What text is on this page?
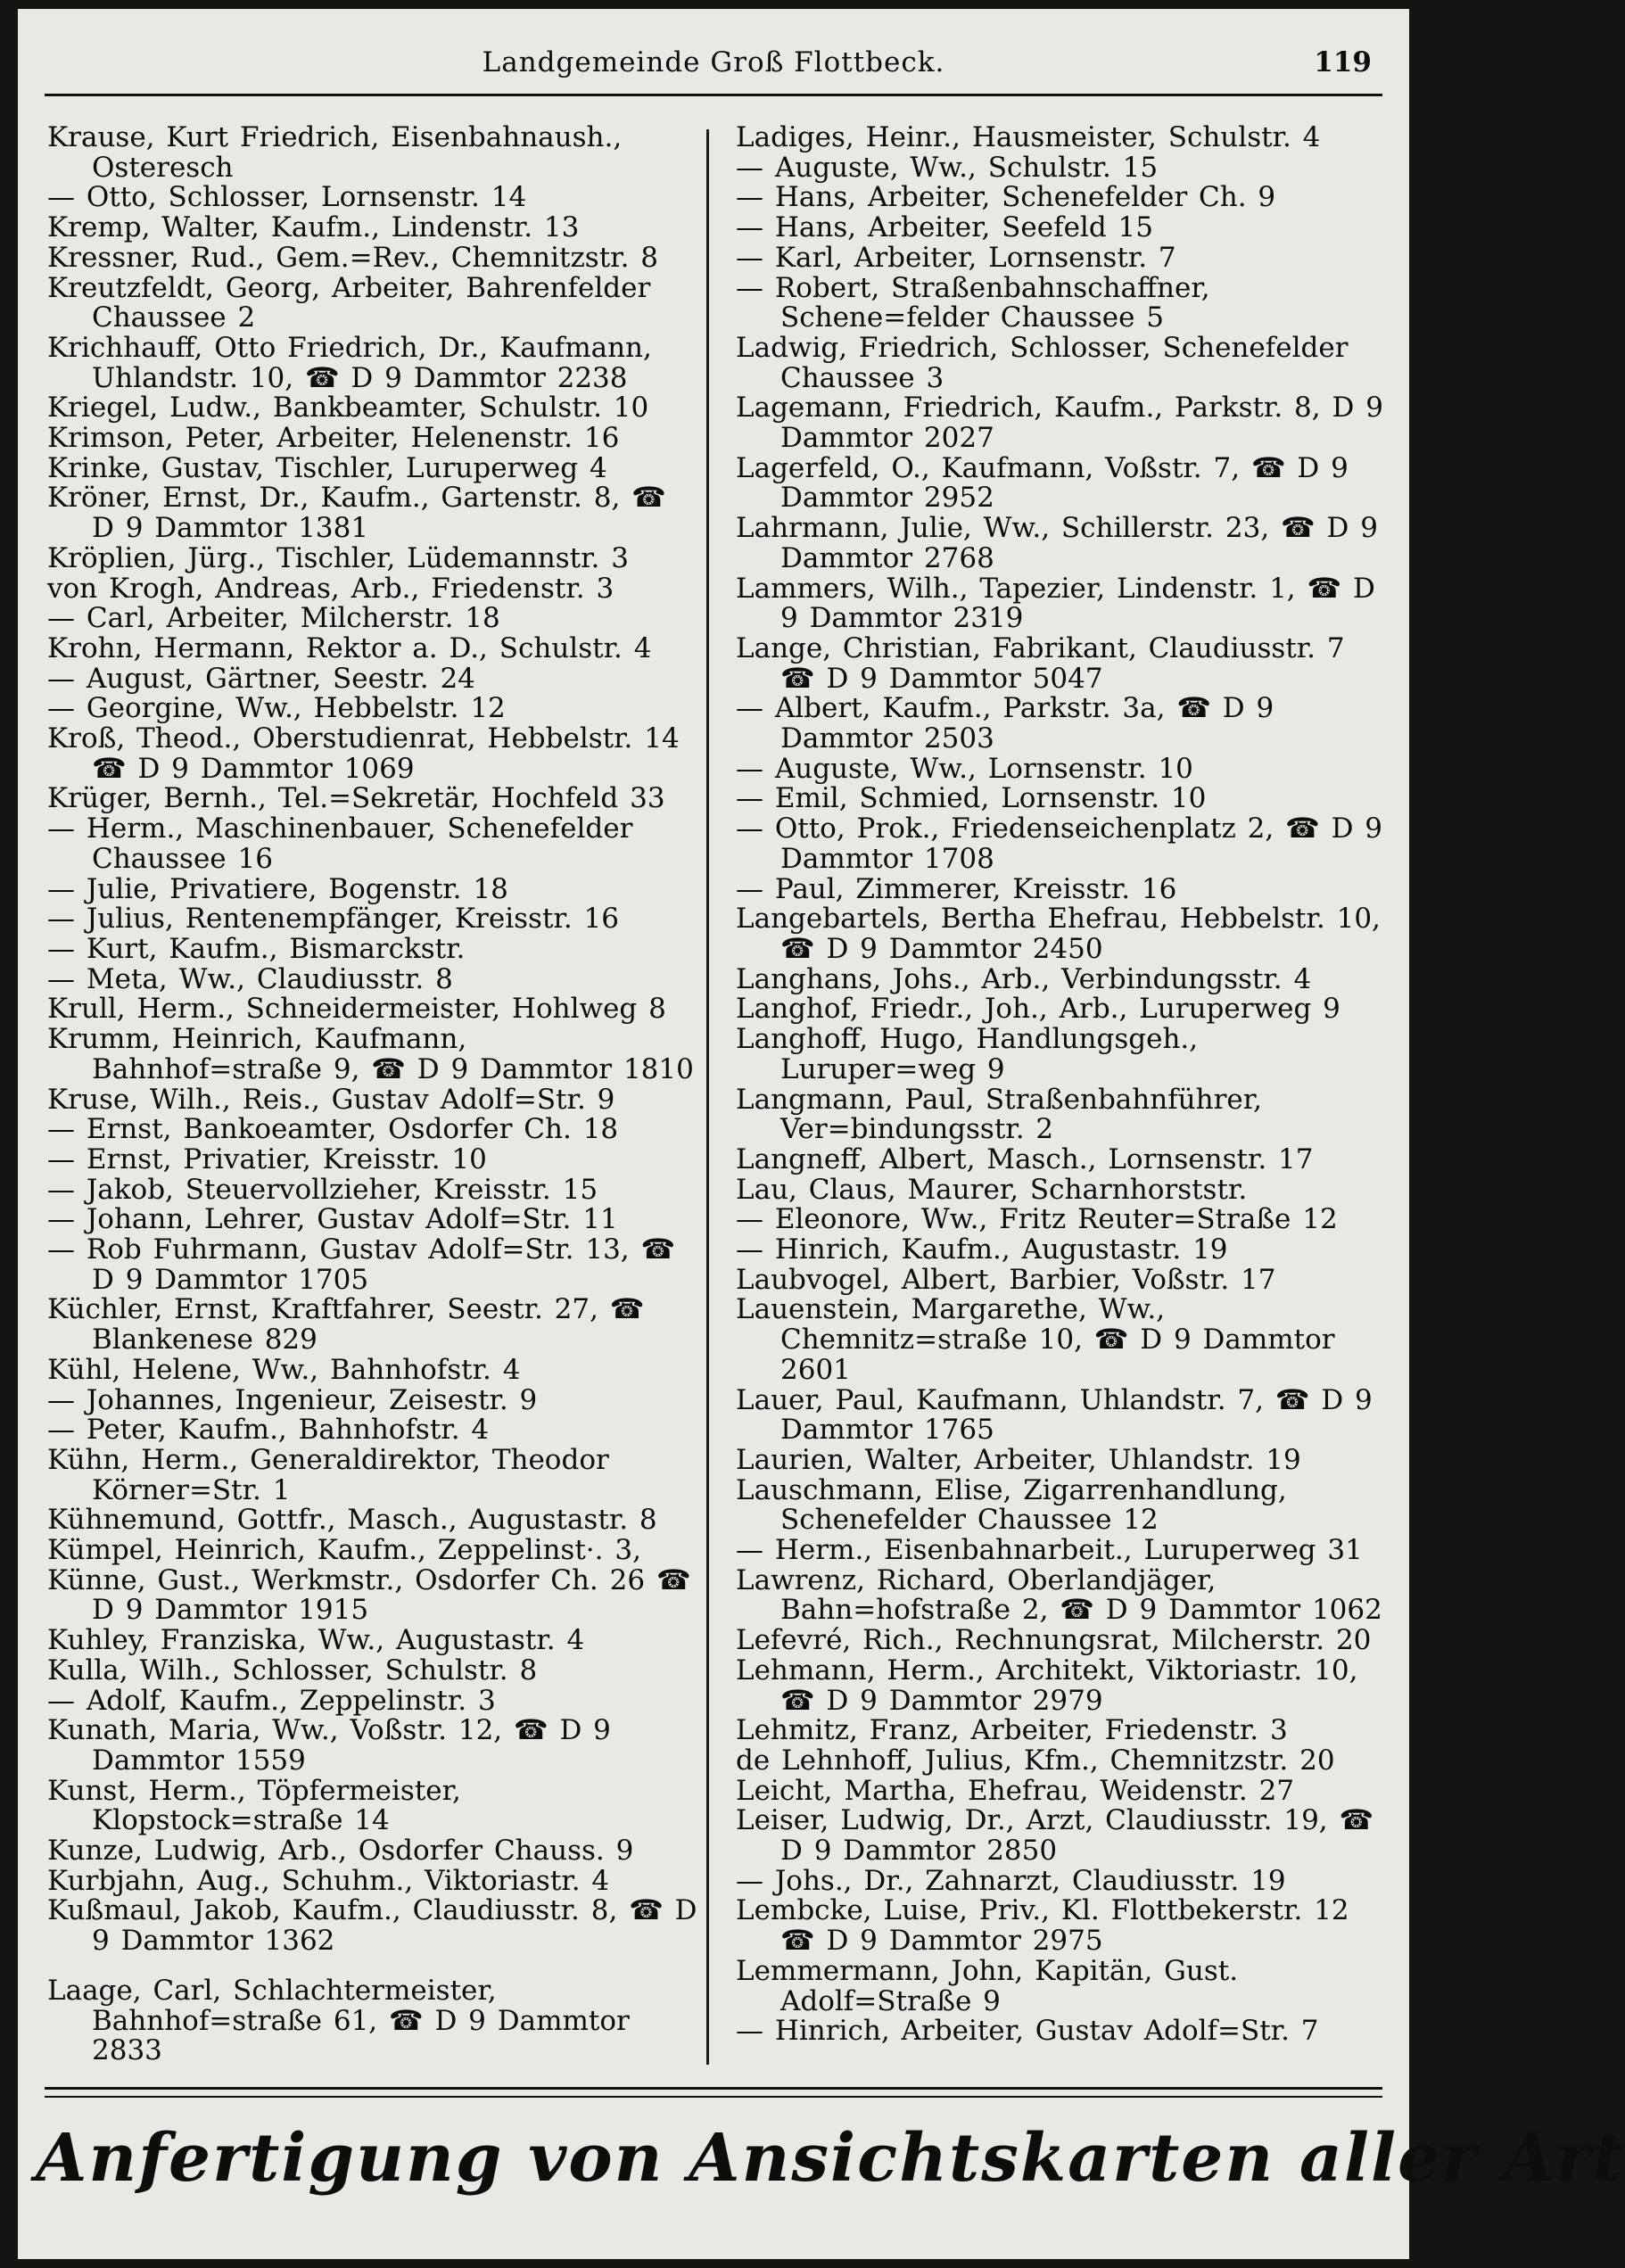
Landgemeinde Groß Flottbeck.	119

Krause, Kurt Friedrich, Eisenbahnaush., Osteresch

— Otto, Schlosser, Lornsenstr. 14

Kremp, Walter, Kaufm., Lindenstr. 13

Kressner, Rud., Gem.=Rev., Chemnitzstr. 8

Kreutzfeldt, Georg, Arbeiter, Bahrenfelder Chaussee 2

Krichhauff, Otto Friedrich, Dr., Kaufmann, Uhlandstr. 10, ☎ D 9 Dammtor 2238

Kriegel, Ludw., Bankbeamter, Schulstr. 10

Krimson, Peter, Arbeiter, Helenenstr. 16

Krinke, Gustav, Tischler, Luruperweg 4

Kröner, Ernst, Dr., Kaufm., Gartenstr. 8, ☎ D 9 Dammtor 1381

Kröplien, Jürg., Tischler, Lüdemannstr. 3

von Krogh, Andreas, Arb., Friedenstr. 3

— Carl, Arbeiter, Milcherstr. 18

Krohn, Hermann, Rektor a. D., Schulstr. 4

— August, Gärtner, Seestr. 24

— Georgine, Ww., Hebbelstr. 12

Kroß, Theod., Oberstudienrat, Hebbelstr. 14 ☎ D 9 Dammtor 1069

Krüger, Bernh., Tel.=Sekretär, Hochfeld 33

— Herm., Maschinenbauer, Schenefelder Chaussee 16

— Julie, Privatiere, Bogenstr. 18

— Julius, Rentenempfänger, Kreisstr. 16

— Kurt, Kaufm., Bismarckstr.

— Meta, Ww., Claudiusstr. 8

Krull, Herm., Schneidermeister, Hohlweg 8

Krumm, Heinrich, Kaufmann, Bahnhof=straße 9, ☎ D 9 Dammtor 1810

Kruse, Wilh., Reis., Gustav Adolf=Str. 9

— Ernst, Bankoeamter, Osdorfer Ch. 18

— Ernst, Privatier, Kreisstr. 10

— Jakob, Steuervollzieher, Kreisstr. 15

— Johann, Lehrer, Gustav Adolf=Str. 11

— Rob Fuhrmann, Gustav Adolf=Str. 13, ☎ D 9 Dammtor 1705

Küchler, Ernst, Kraftfahrer, Seestr. 27, ☎ Blankenese 829

Kühl, Helene, Ww., Bahnhofstr. 4

— Johannes, Ingenieur, Zeisestr. 9

— Peter, Kaufm., Bahnhofstr. 4

Kühn, Herm., Generaldirektor, Theodor Körner=Str. 1

Kühnemund, Gottfr., Masch., Augustastr. 8

Kümpel, Heinrich, Kaufm., Zeppelinst·. 3,

Künne, Gust., Werkmstr., Osdorfer Ch. 26 ☎ D 9 Dammtor 1915

Kuhley, Franziska, Ww., Augustastr. 4

Kulla, Wilh., Schlosser, Schulstr. 8

— Adolf, Kaufm., Zeppelinstr. 3

Kunath, Maria, Ww., Voßstr. 12, ☎ D 9 Dammtor 1559

Kunst, Herm., Töpfermeister, Klopstock=straße 14

Kunze, Ludwig, Arb., Osdorfer Chauss. 9

Kurbjahn, Aug., Schuhm., Viktoriastr. 4

Kußmaul, Jakob, Kaufm., Claudiusstr. 8, ☎ D 9 Dammtor 1362

Laage, Carl, Schlachtermeister, Bahnhof=straße 61, ☎ D 9 Dammtor 2833

Ladiges, Heinr., Hausmeister, Schulstr. 4

— Auguste, Ww., Schulstr. 15

— Hans, Arbeiter, Schenefelder Ch. 9

— Hans, Arbeiter, Seefeld 15

— Karl, Arbeiter, Lornsenstr. 7

— Robert, Straßenbahnschaffner, Schene=felder Chaussee 5

Ladwig, Friedrich, Schlosser, Schenefelder Chaussee 3

Lagemann, Friedrich, Kaufm., Parkstr. 8, D 9 Dammtor 2027

Lagerfeld, O., Kaufmann, Voßstr. 7, ☎ D 9 Dammtor 2952

Lahrmann, Julie, Ww., Schillerstr. 23, ☎ D 9 Dammtor 2768

Lammers, Wilh., Tapezier, Lindenstr. 1, ☎ D 9 Dammtor 2319

Lange, Christian, Fabrikant, Claudiusstr. 7 ☎ D 9 Dammtor 5047

— Albert, Kaufm., Parkstr. 3a, ☎ D 9 Dammtor 2503

— Auguste, Ww., Lornsenstr. 10

— Emil, Schmied, Lornsenstr. 10

— Otto, Prok., Friedenseichenplatz 2, ☎ D 9 Dammtor 1708

— Paul, Zimmerer, Kreisstr. 16

Langebartels, Bertha Ehefrau, Hebbelstr. 10, ☎ D 9 Dammtor 2450

Langhans, Johs., Arb., Verbindungsstr. 4

Langhof, Friedr., Joh., Arb., Luruperweg 9

Langhoff, Hugo, Handlungsgeh., Luruper=weg 9

Langmann, Paul, Straßenbahnführer, Ver=bindungsstr. 2

Langneff, Albert, Masch., Lornsenstr. 17

Lau, Claus, Maurer, Scharnhorststr.

— Eleonore, Ww., Fritz Reuter=Straße 12

— Hinrich, Kaufm., Augustastr. 19

Laubvogel, Albert, Barbier, Voßstr. 17

Lauenstein, Margarethe, Ww., Chemnitz=straße 10, ☎ D 9 Dammtor 2601

Lauer, Paul, Kaufmann, Uhlandstr. 7, ☎ D 9 Dammtor 1765

Laurien, Walter, Arbeiter, Uhlandstr. 19

Lauschmann, Elise, Zigarrenhandlung, Schenefelder Chaussee 12

— Herm., Eisenbahnarbeit., Luruperweg 31

Lawrenz, Richard, Oberlandjäger, Bahn=hofstraße 2, ☎ D 9 Dammtor 1062

Lefevré, Rich., Rechnungsrat, Milcherstr. 20

Lehmann, Herm., Architekt, Viktoriastr. 10, ☎ D 9 Dammtor 2979

Lehmitz, Franz, Arbeiter, Friedenstr. 3

de Lehnhoff, Julius, Kfm., Chemnitzstr. 20

Leicht, Martha, Ehefrau, Weidenstr. 27

Leiser, Ludwig, Dr., Arzt, Claudiusstr. 19, ☎ D 9 Dammtor 2850

— Johs., Dr., Zahnarzt, Claudiusstr. 19

Lembcke, Luise, Priv., Kl. Flottbekerstr. 12 ☎ D 9 Dammtor 2975

Lemmermann, John, Kapitän, Gust. Adolf=Straße 9

— Hinrich, Arbeiter, Gustav Adolf=Str. 7

Anfertigung von Ansichtskarten aller Art
